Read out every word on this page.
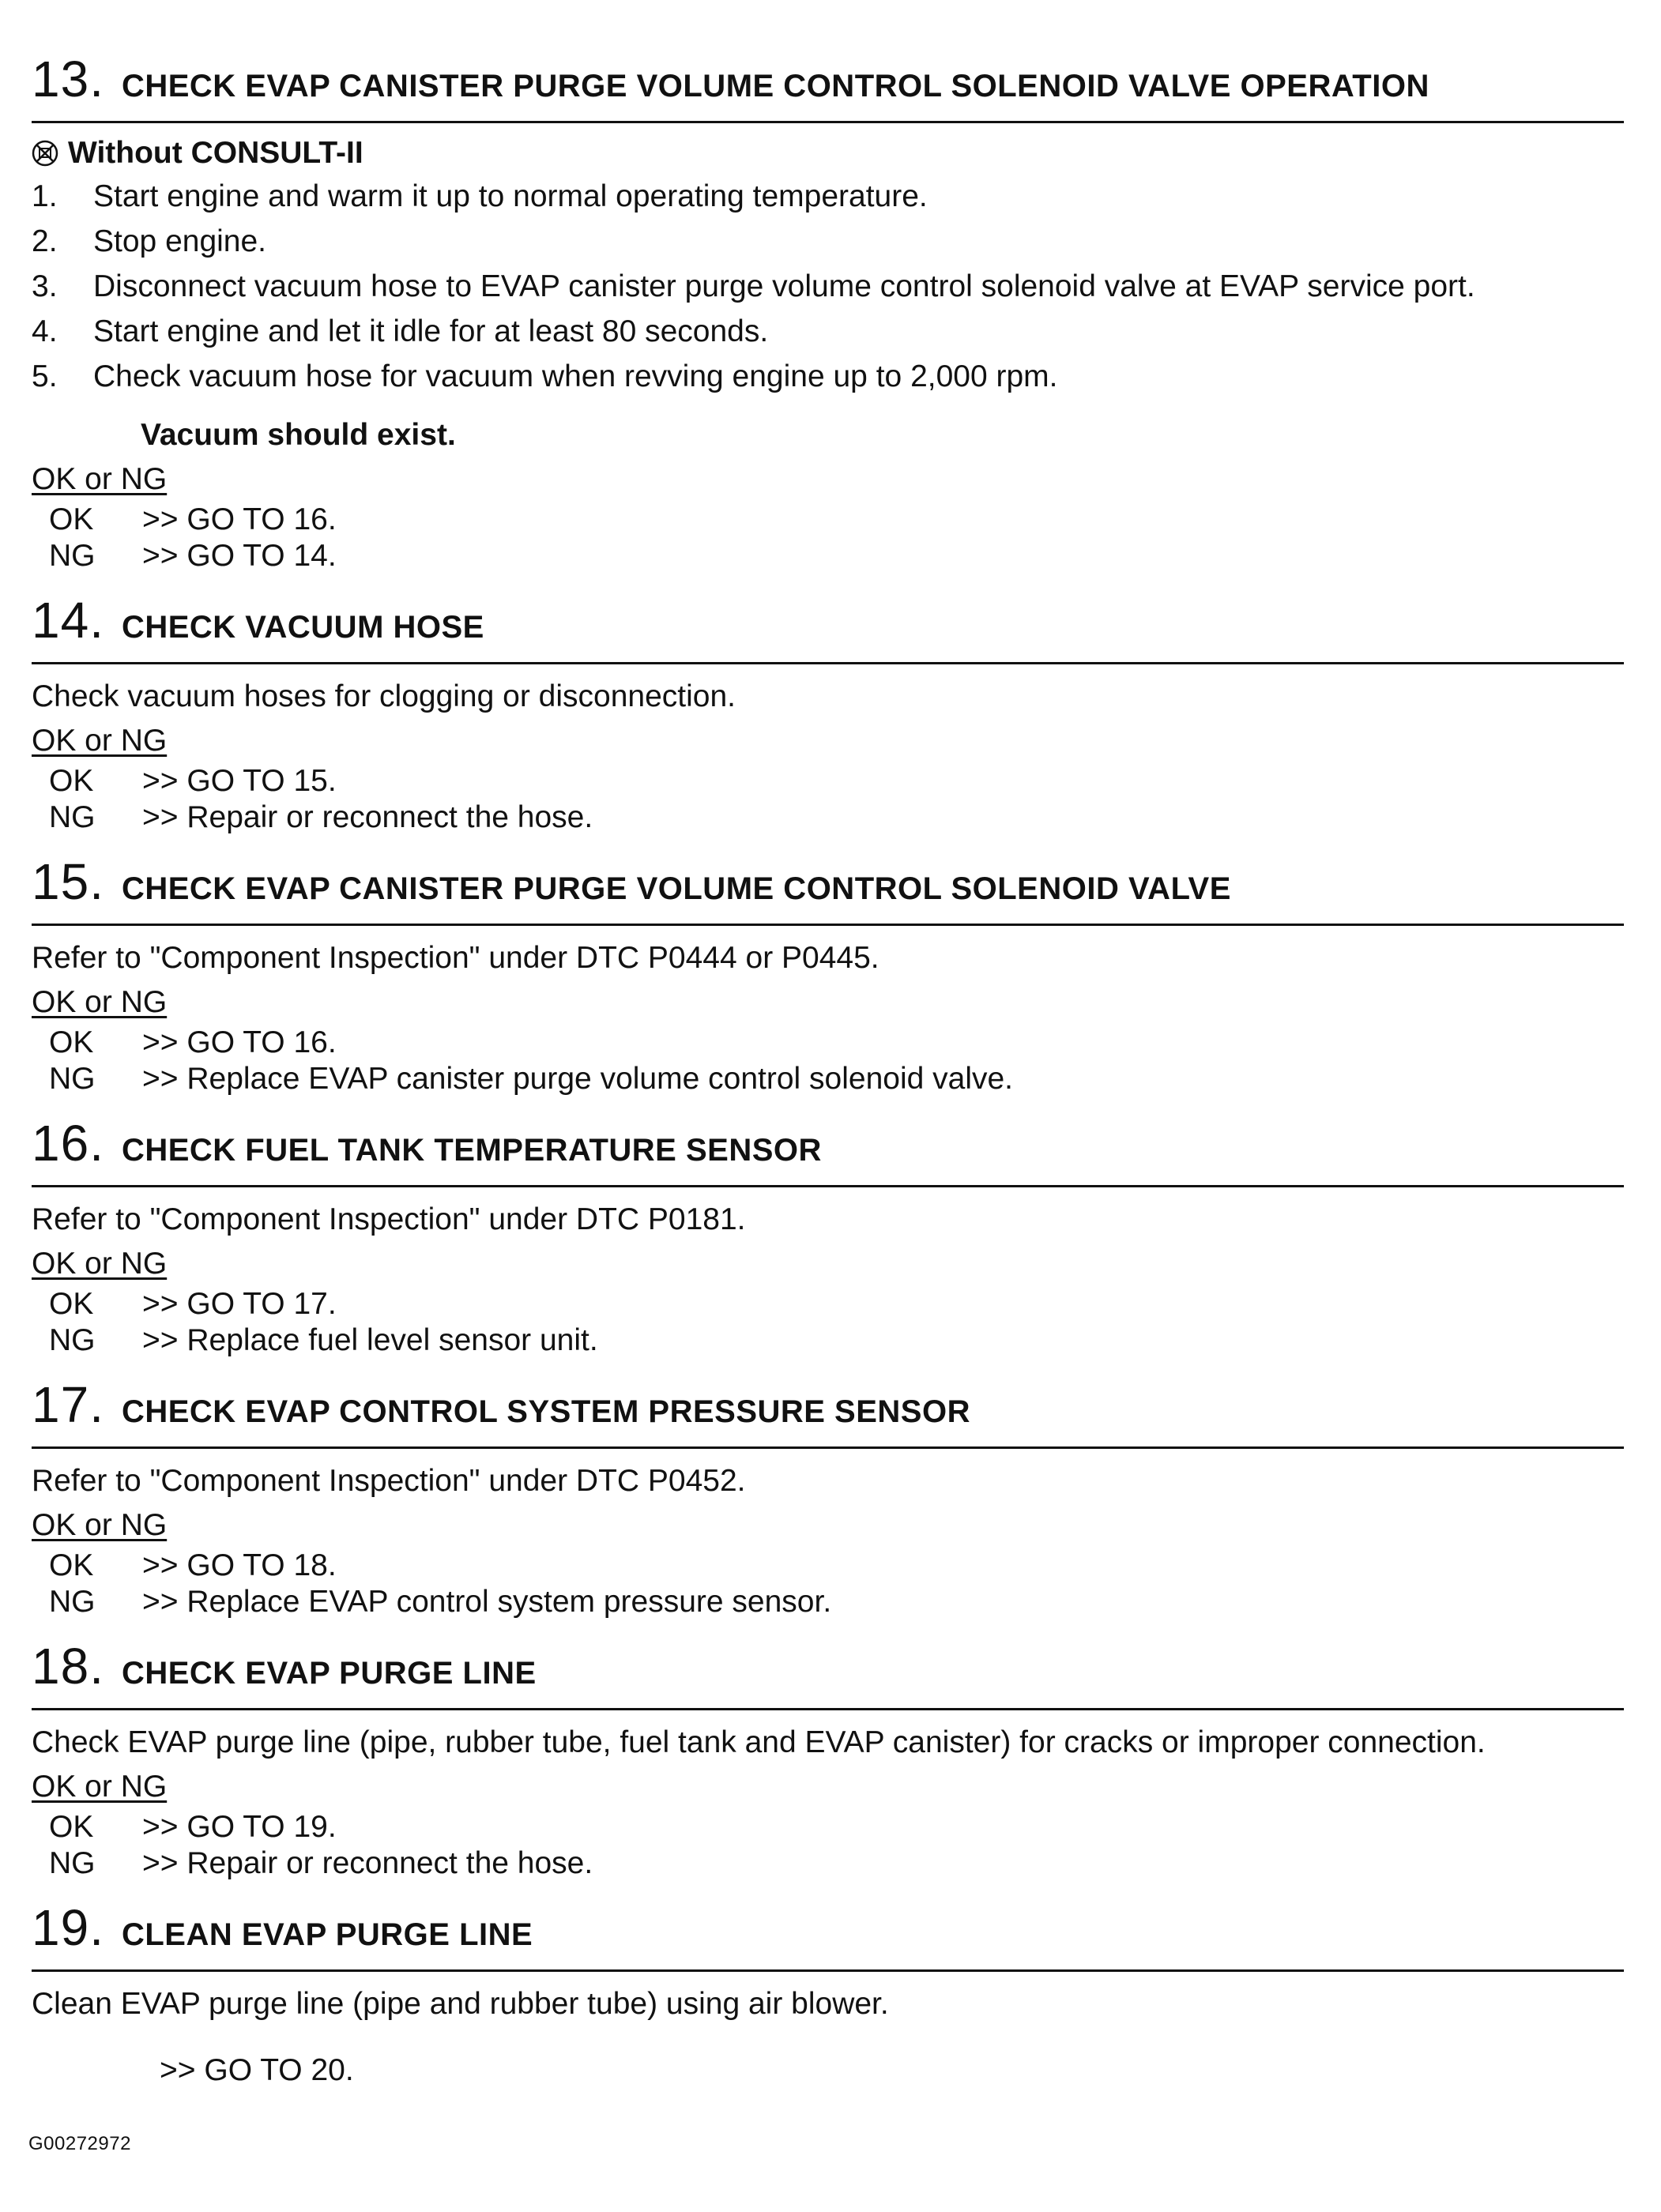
13. CHECK EVAP CANISTER PURGE VOLUME CONTROL SOLENOID VALVE OPERATION
Without CONSULT-II
1.	Start engine and warm it up to normal operating temperature.
2.	Stop engine.
3.	Disconnect vacuum hose to EVAP canister purge volume control solenoid valve at EVAP service port.
4.	Start engine and let it idle for at least 80 seconds.
5.	Check vacuum hose for vacuum when revving engine up to 2,000 rpm.
Vacuum should exist.
OK or NG
OK	>> GO TO 16.
NG	>> GO TO 14.
14. CHECK VACUUM HOSE
Check vacuum hoses for clogging or disconnection.
OK or NG
OK	>> GO TO 15.
NG	>> Repair or reconnect the hose.
15. CHECK EVAP CANISTER PURGE VOLUME CONTROL SOLENOID VALVE
Refer to "Component Inspection" under DTC P0444 or P0445.
OK or NG
OK	>> GO TO 16.
NG	>> Replace EVAP canister purge volume control solenoid valve.
16. CHECK FUEL TANK TEMPERATURE SENSOR
Refer to "Component Inspection" under DTC P0181.
OK or NG
OK	>> GO TO 17.
NG	>> Replace fuel level sensor unit.
17. CHECK EVAP CONTROL SYSTEM PRESSURE SENSOR
Refer to "Component Inspection" under DTC P0452.
OK or NG
OK	>> GO TO 18.
NG	>> Replace EVAP control system pressure sensor.
18. CHECK EVAP PURGE LINE
Check EVAP purge line (pipe, rubber tube, fuel tank and EVAP canister) for cracks or improper connection.
OK or NG
OK	>> GO TO 19.
NG	>> Repair or reconnect the hose.
19. CLEAN EVAP PURGE LINE
Clean EVAP purge line (pipe and rubber tube) using air blower.
>> GO TO 20.
G00272972
